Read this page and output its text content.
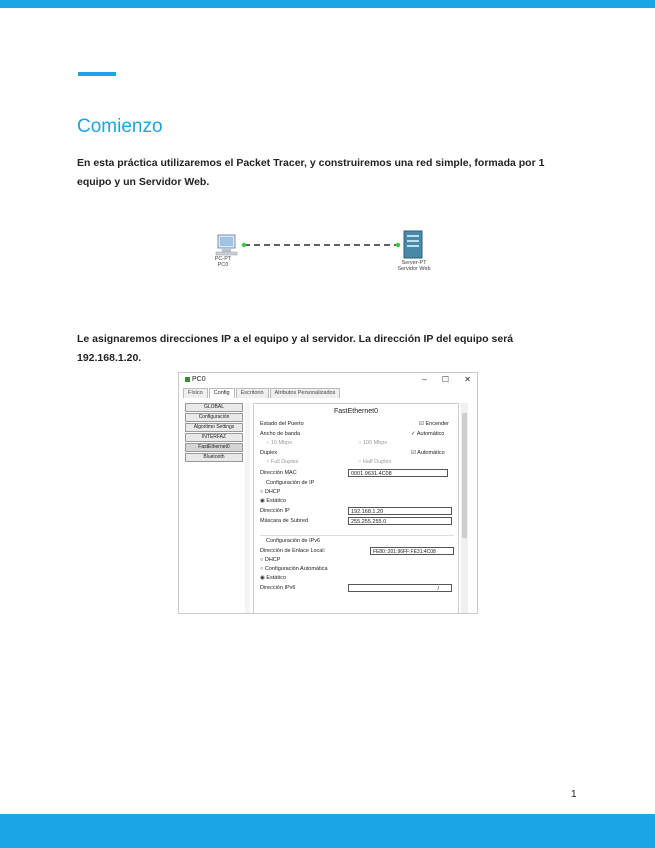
Comienzo

En esta práctica utilizaremos el Packet Tracer, y construiremos una red simple, formada por 1 equipo y un Servidor Web.

PC-PT
PC0	Server-PT
Servidor Web

Le asignaremos direcciones IP a el equipo y al servidor. La dirección IP del equipo será 192.168.1.20.

PC0	– ☐ ✕
Físico Config Escritorio Atributos Personalizados
GLOBAL
Configuración
Algoritmo Settings
INTERFAZ
FastEthernet0
Bluetooth
FastEthernet0
Estado del Puerto	☑ Encender
Ancho de banda	✓ Automático
○ 10 Mbps	○ 100 Mbps
Duplex	☑ Automático
○ Full Duplex	○ Half Duplex
Dirección MAC	0001.9631.4C08
Configuración de IP
○ DHCP
◉ Estático
Dirección IP	192.168.1.20
Máscara de Subred	255.255.255.0
Configuración de IPv6
Dirección de Enlace Local:	FE80::201:96FF:FE31:4C08
○ DHCP
○ Configuración Automática
◉ Estático
Dirección IPv6	/
1
